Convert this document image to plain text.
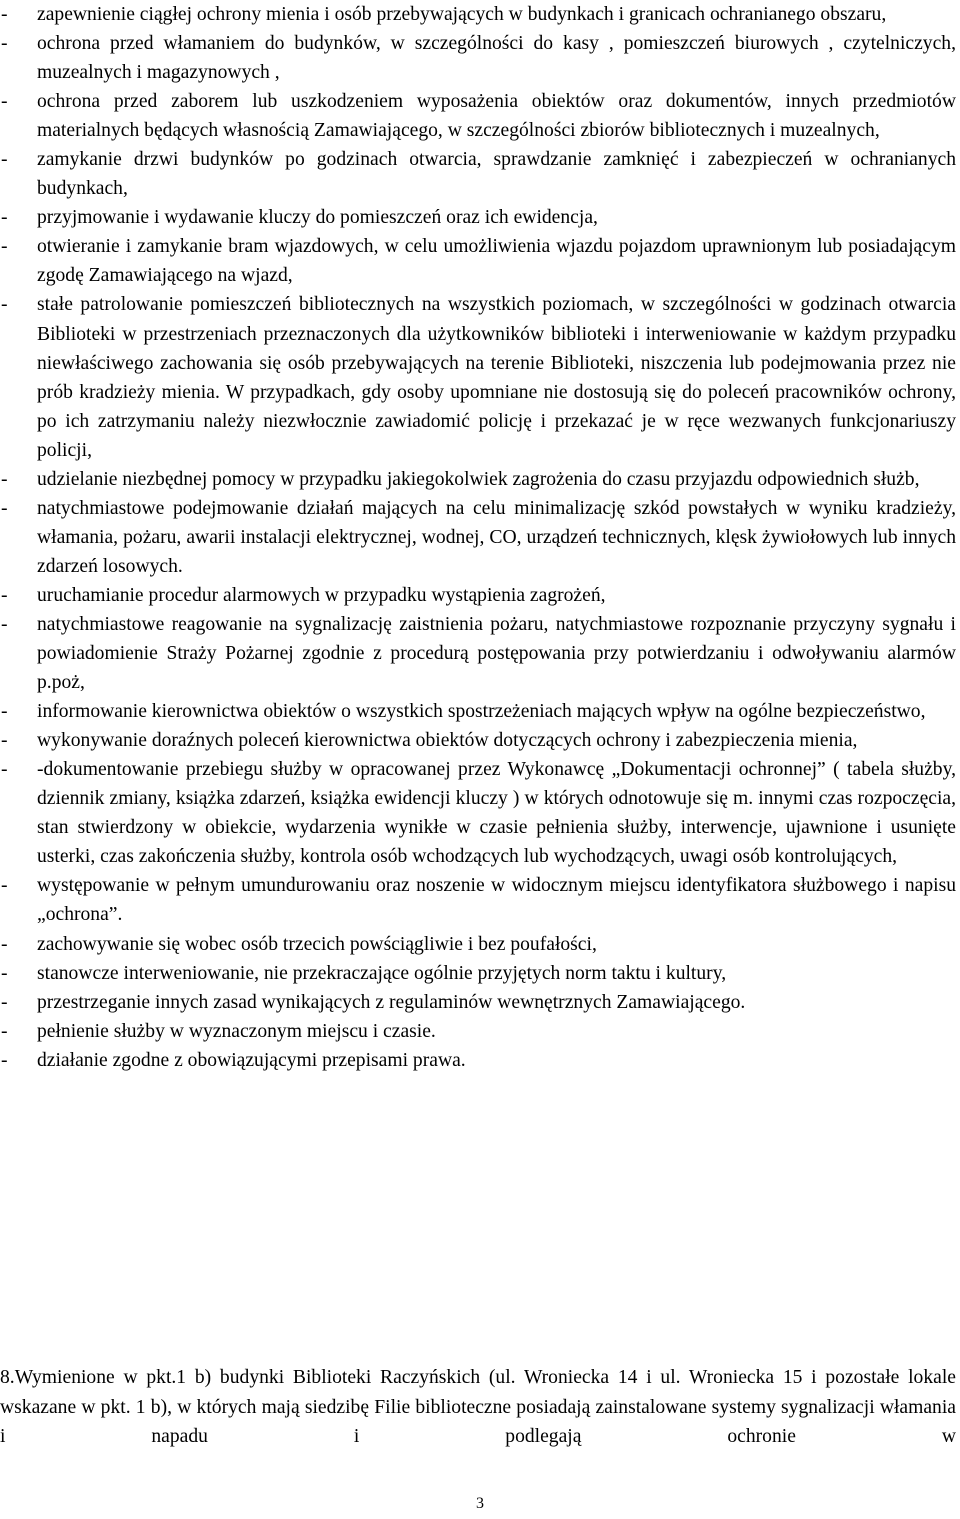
- zapewnienie ciągłej ochrony mienia i osób przebywających w budynkach i granicach ochranianego obszaru,
- ochrona przed włamaniem do budynków, w szczególności do kasy , pomieszczeń biurowych , czytelniczych, muzealnych i magazynowych ,
- ochrona przed zaborem lub uszkodzeniem wyposażenia obiektów oraz dokumentów, innych przedmiotów materialnych będących własnością Zamawiającego, w szczególności zbiorów bibliotecznych i muzealnych,
- zamykanie drzwi budynków po godzinach otwarcia, sprawdzanie zamknięć i zabezpieczeń w ochranianych budynkach,
- przyjmowanie i wydawanie kluczy do pomieszczeń oraz ich ewidencja,
- otwieranie i zamykanie bram wjazdowych, w celu umożliwienia wjazdu pojazdom uprawnionym lub posiadającym zgodę Zamawiającego na wjazd,
- stałe patrolowanie pomieszczeń bibliotecznych na wszystkich poziomach, w szczególności w godzinach otwarcia Biblioteki w przestrzeniach przeznaczonych dla użytkowników biblioteki i interweniowanie w każdym przypadku niewłaściwego zachowania się osób przebywających na terenie Biblioteki, niszczenia lub podejmowania przez nie prób kradzieży mienia. W przypadkach, gdy osoby upomniane nie dostosują się do poleceń pracowników ochrony, po ich zatrzymaniu należy niezwłocznie zawiadomić policję i przekazać je w ręce wezwanych funkcjonariuszy policji,
- udzielanie niezbędnej pomocy w przypadku jakiegokolwiek zagrożenia do czasu przyjazdu odpowiednich służb,
- natychmiastowe podejmowanie działań mających na celu minimalizację szkód powstałych w wyniku kradzieży, włamania, pożaru, awarii instalacji elektrycznej, wodnej, CO, urządzeń technicznych, klęsk żywiołowych lub innych zdarzeń losowych.
- uruchamianie procedur alarmowych w przypadku wystąpienia zagrożeń,
- natychmiastowe reagowanie na sygnalizację zaistnienia pożaru, natychmiastowe rozpoznanie przyczyny sygnału i powiadomienie Straży Pożarnej zgodnie z procedurą postępowania przy potwierdzaniu i odwoływaniu alarmów p.poż,
- informowanie kierownictwa obiektów o wszystkich spostrzeżeniach mających wpływ na ogólne bezpieczeństwo,
- wykonywanie doraźnych poleceń kierownictwa obiektów dotyczących ochrony i zabezpieczenia mienia,
- -dokumentowanie przebiegu służby w opracowanej przez Wykonawcę „Dokumentacji ochronnej” ( tabela służby, dziennik zmiany, książka zdarzeń, książka ewidencji kluczy ) w których odnotowuje się m. innymi czas rozpoczęcia, stan stwierdzony w obiekcie, wydarzenia wynikłe w czasie pełnienia służby, interwencje, ujawnione i usunięte usterki, czas zakończenia służby, kontrola osób wchodzących lub wychodzących, uwagi osób kontrolujących,
- występowanie w pełnym umundurowaniu oraz noszenie w widocznym miejscu identyfikatora służbowego i napisu „ochrona”.
- zachowywanie się wobec osób trzecich powściągliwie i bez poufałości,
- stanowcze interweniowanie, nie przekraczające ogólnie przyjętych norm taktu i kultury,
- przestrzeganie innych zasad wynikających z regulaminów wewnętrznych Zamawiającego.
- pełnienie służby w wyznaczonym miejscu i czasie.
- działanie zgodne z obowiązującymi przepisami prawa.

8.Wymienione w pkt.1 b) budynki Biblioteki Raczyńskich (ul. Wroniecka 14 i ul. Wroniecka 15 i pozostałe lokale wskazane w pkt. 1 b), w których mają siedzibę Filie biblioteczne posiadają zainstalowane systemy sygnalizacji włamania i napadu i podlegają ochronie w

3
